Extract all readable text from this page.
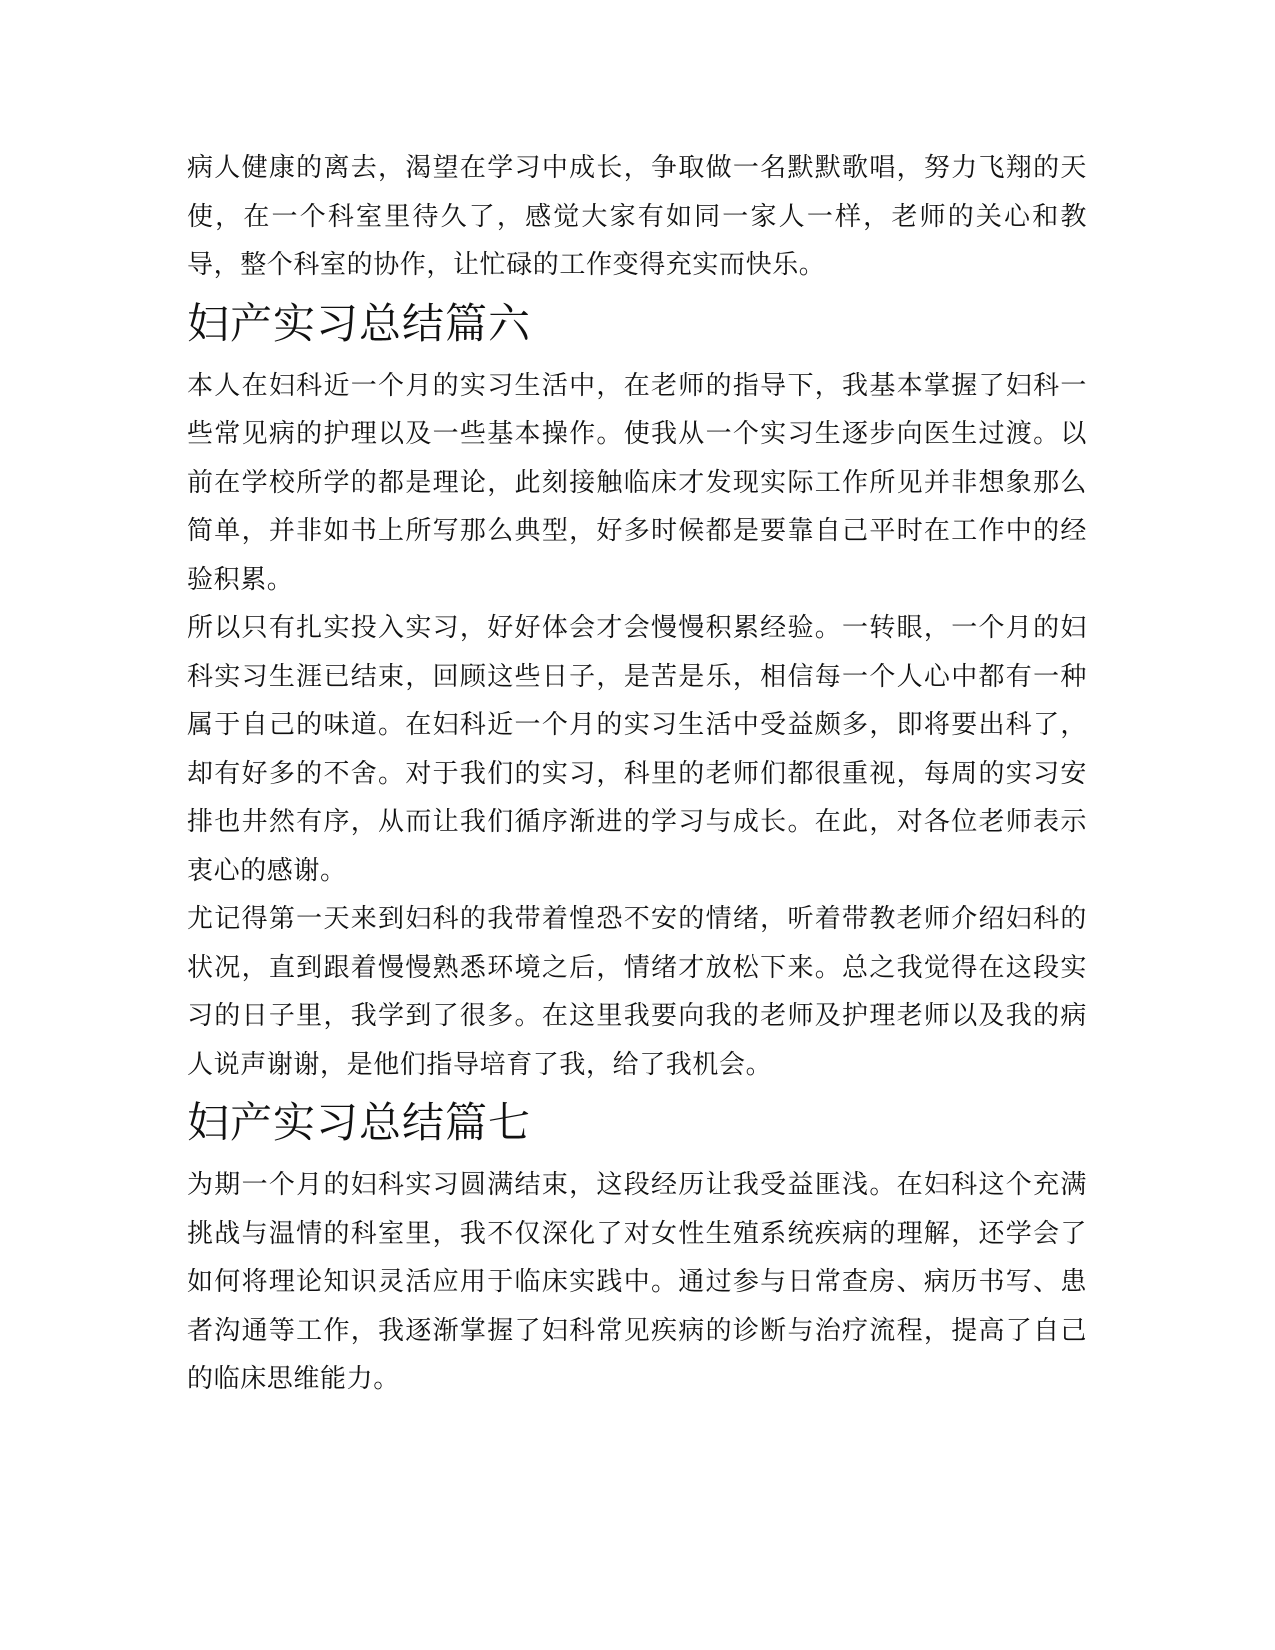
病人健康的离去，渴望在学习中成长，争取做一名默默歌唱，努力飞翔的天使，在一个科室里待久了，感觉大家有如同一家人一样，老师的关心和教导，整个科室的协作，让忙碌的工作变得充实而快乐。

妇产实习总结篇六

本人在妇科近一个月的实习生活中，在老师的指导下，我基本掌握了妇科一些常见病的护理以及一些基本操作。使我从一个实习生逐步向医生过渡。以前在学校所学的都是理论，此刻接触临床才发现实际工作所见并非想象那么简单，并非如书上所写那么典型，好多时候都是要靠自己平时在工作中的经验积累。

所以只有扎实投入实习，好好体会才会慢慢积累经验。一转眼，一个月的妇科实习生涯已结束，回顾这些日子，是苦是乐，相信每一个人心中都有一种属于自己的味道。在妇科近一个月的实习生活中受益颇多，即将要出科了，却有好多的不舍。对于我们的实习，科里的老师们都很重视，每周的实习安排也井然有序，从而让我们循序渐进的学习与成长。在此，对各位老师表示衷心的感谢。

尤记得第一天来到妇科的我带着惶恐不安的情绪，听着带教老师介绍妇科的状况，直到跟着慢慢熟悉环境之后，情绪才放松下来。总之我觉得在这段实习的日子里，我学到了很多。在这里我要向我的老师及护理老师以及我的病人说声谢谢，是他们指导培育了我，给了我机会。

妇产实习总结篇七

为期一个月的妇科实习圆满结束，这段经历让我受益匪浅。在妇科这个充满挑战与温情的科室里，我不仅深化了对女性生殖系统疾病的理解，还学会了如何将理论知识灵活应用于临床实践中。通过参与日常查房、病历书写、患者沟通等工作，我逐渐掌握了妇科常见疾病的诊断与治疗流程，提高了自己的临床思维能力。
